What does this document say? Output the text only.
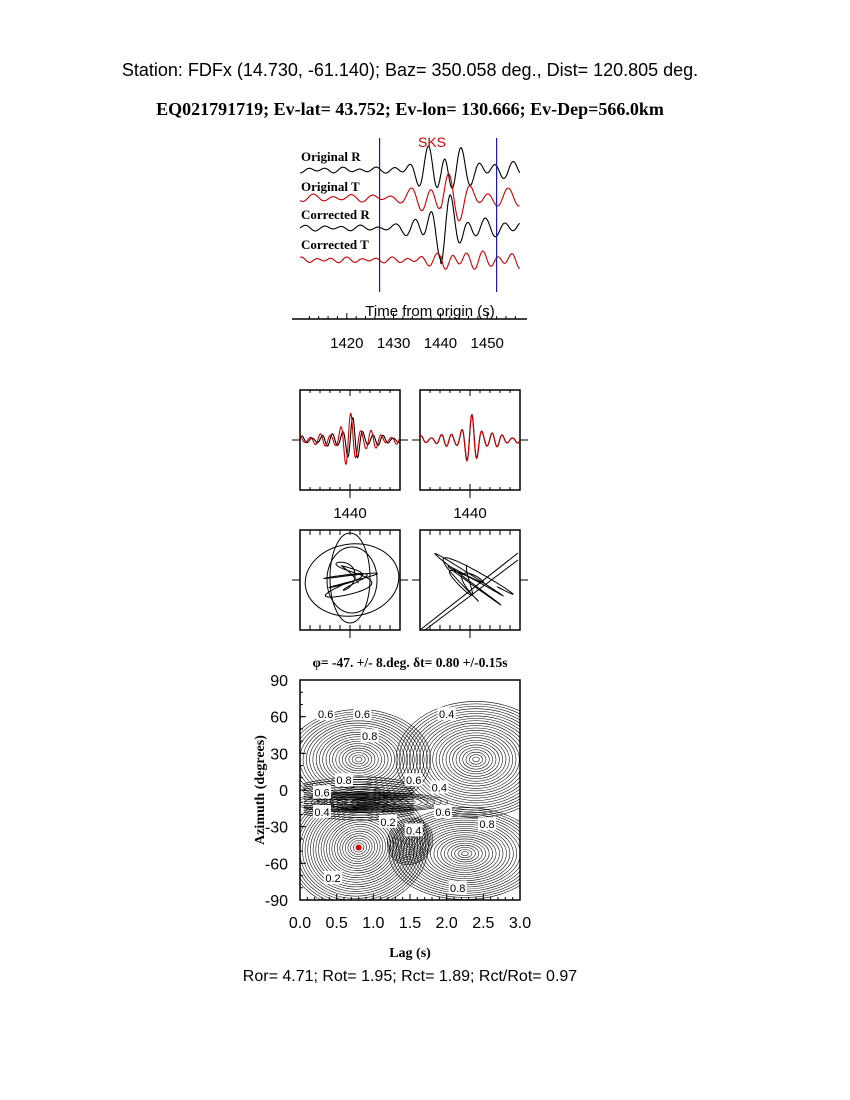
Station: FDFx (14.730, -61.140); Baz= 350.058 deg., Dist= 120.805 deg.
EQ021791719; Ev-lat= 43.752; Ev-lon= 130.666; Ev-Dep=566.0km
SKS
Original R
Original T
Corrected R
Corrected T
Time from origin (s)
1420 1430 1440 1450
1440	1440
φ= -47. +/- 8.deg. δt= 0.80 +/-0.15s
0.6 0.6
0.8
0.4
0.8
0.6
0.6
0.4
0.4
0.2
0.6
0.8
0.4
0.2
0.8
0.0 0.5 1.0 1.5 2.0 2.5 3.0
90
60
30
0
-30
-60
-90
Lag (s)
Azimuth (degrees)
Ror= 4.71; Rot= 1.95; Rct= 1.89; Rct/Rot= 0.97
